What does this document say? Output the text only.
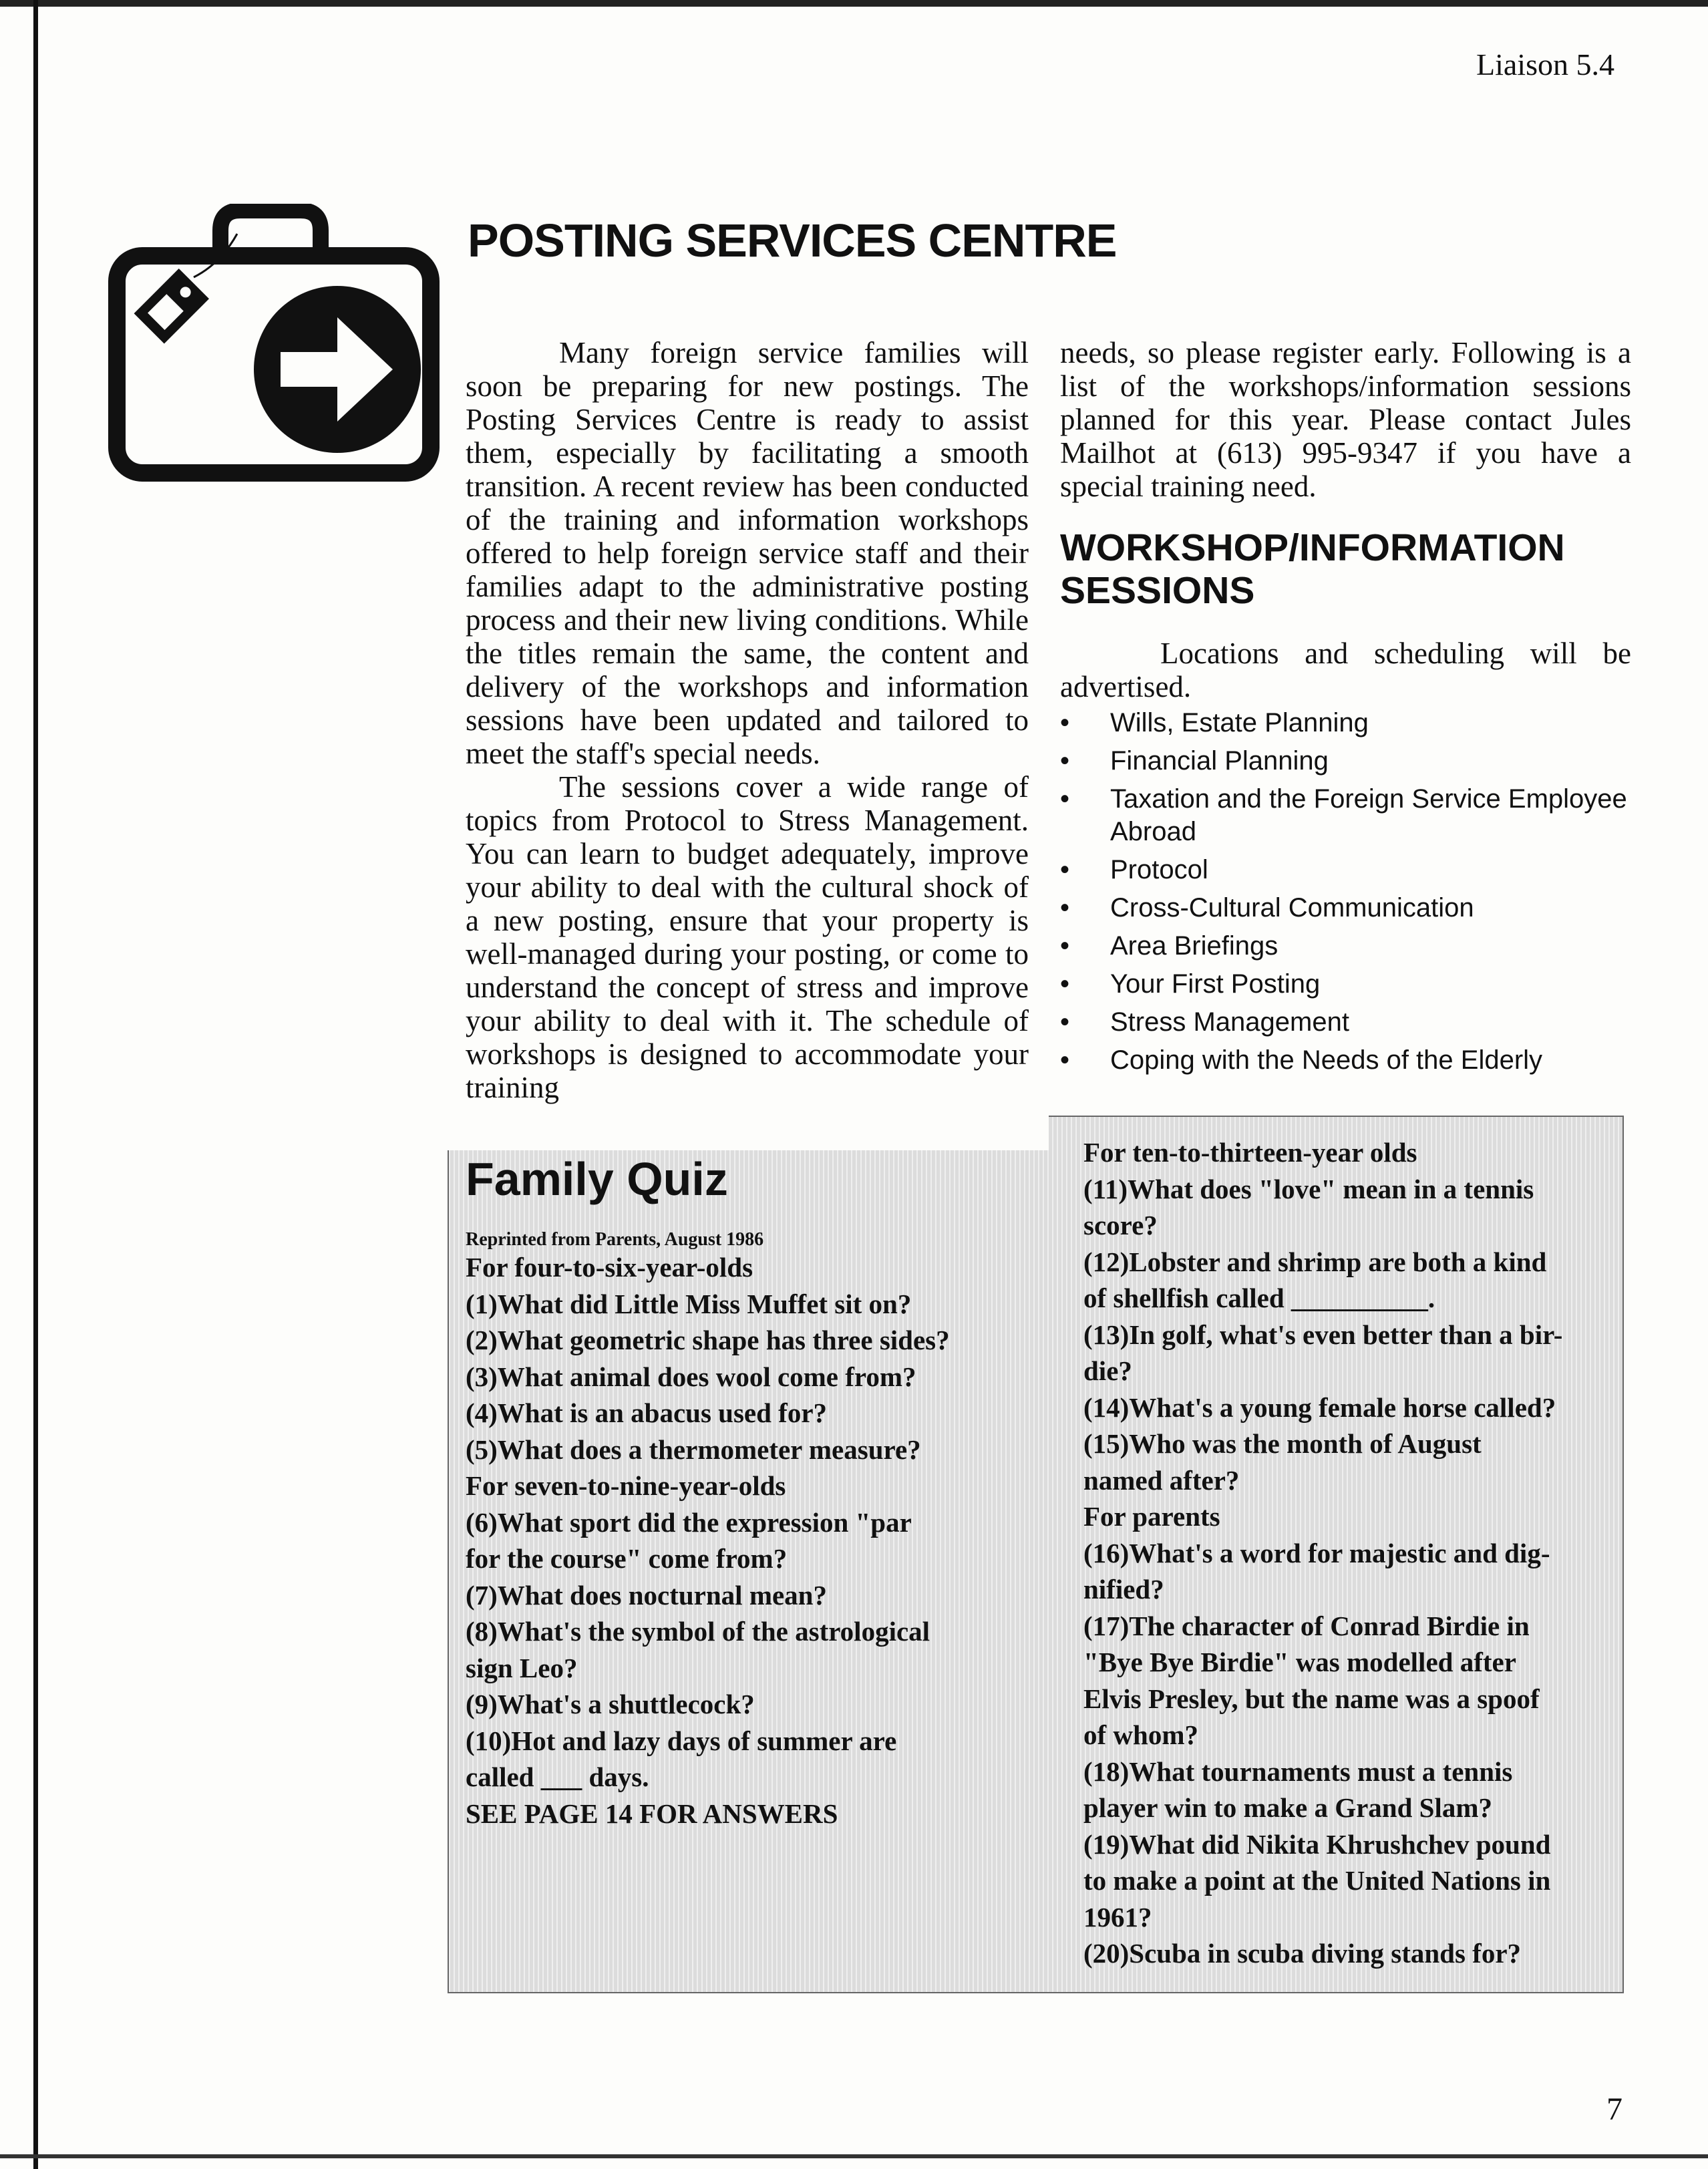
Liaison 5.4
POSTING SERVICES CENTRE

Many foreign service families will soon be preparing for new postings. The Posting Services Centre is ready to assist them, especially by facilitating a smooth transition. A recent review has been conducted of the training and information workshops offered to help foreign service staff and their families adapt to the administrative posting process and their new living conditions. While the titles remain the same, the content and delivery of the workshops and information sessions have been updated and tailored to meet the staff's special needs.

The sessions cover a wide range of topics from Protocol to Stress Management. You can learn to budget adequately, improve your ability to deal with the cultural shock of a new posting, ensure that your property is well-managed during your posting, or come to understand the concept of stress and improve your ability to deal with it. The schedule of workshops is designed to accommodate your training

needs, so please register early. Following is a list of the workshops/information sessions planned for this year. Please contact Jules Mailhot at (613) 995-9347 if you have a special training need.

WORKSHOP/INFORMATION SESSIONS
Locations and scheduling will be advertised.
• Wills, Estate Planning
• Financial Planning
• Taxation and the Foreign Service Employee Abroad
• Protocol
• Cross-Cultural Communication
• Area Briefings
• Your First Posting
• Stress Management
• Coping with the Needs of the Elderly
Family Quiz
Reprinted from Parents, August 1986
For four-to-six-year-olds
(1)What did Little Miss Muffet sit on?
(2)What geometric shape has three sides?
(3)What animal does wool come from?
(4)What is an abacus used for?
(5)What does a thermometer measure?
For seven-to-nine-year-olds
(6)What sport did the expression "par
for the course" come from?
(7)What does nocturnal mean?
(8)What's the symbol of the astrological
sign Leo?
(9)What's a shuttlecock?
(10)Hot and lazy days of summer are
called ___ days.
SEE PAGE 14 FOR ANSWERS
For ten-to-thirteen-year olds
(11)What does "love" mean in a tennis
score?
(12)Lobster and shrimp are both a kind
of shellfish called __________.
(13)In golf, what's even better than a bir-
die?
(14)What's a young female horse called?
(15)Who was the month of August
named after?
For parents
(16)What's a word for majestic and dig-
nified?
(17)The character of Conrad Birdie in
"Bye Bye Birdie" was modelled after
Elvis Presley, but the name was a spoof
of whom?
(18)What tournaments must a tennis
player win to make a Grand Slam?
(19)What did Nikita Khrushchev pound
to make a point at the United Nations in
1961?
(20)Scuba in scuba diving stands for?
7
